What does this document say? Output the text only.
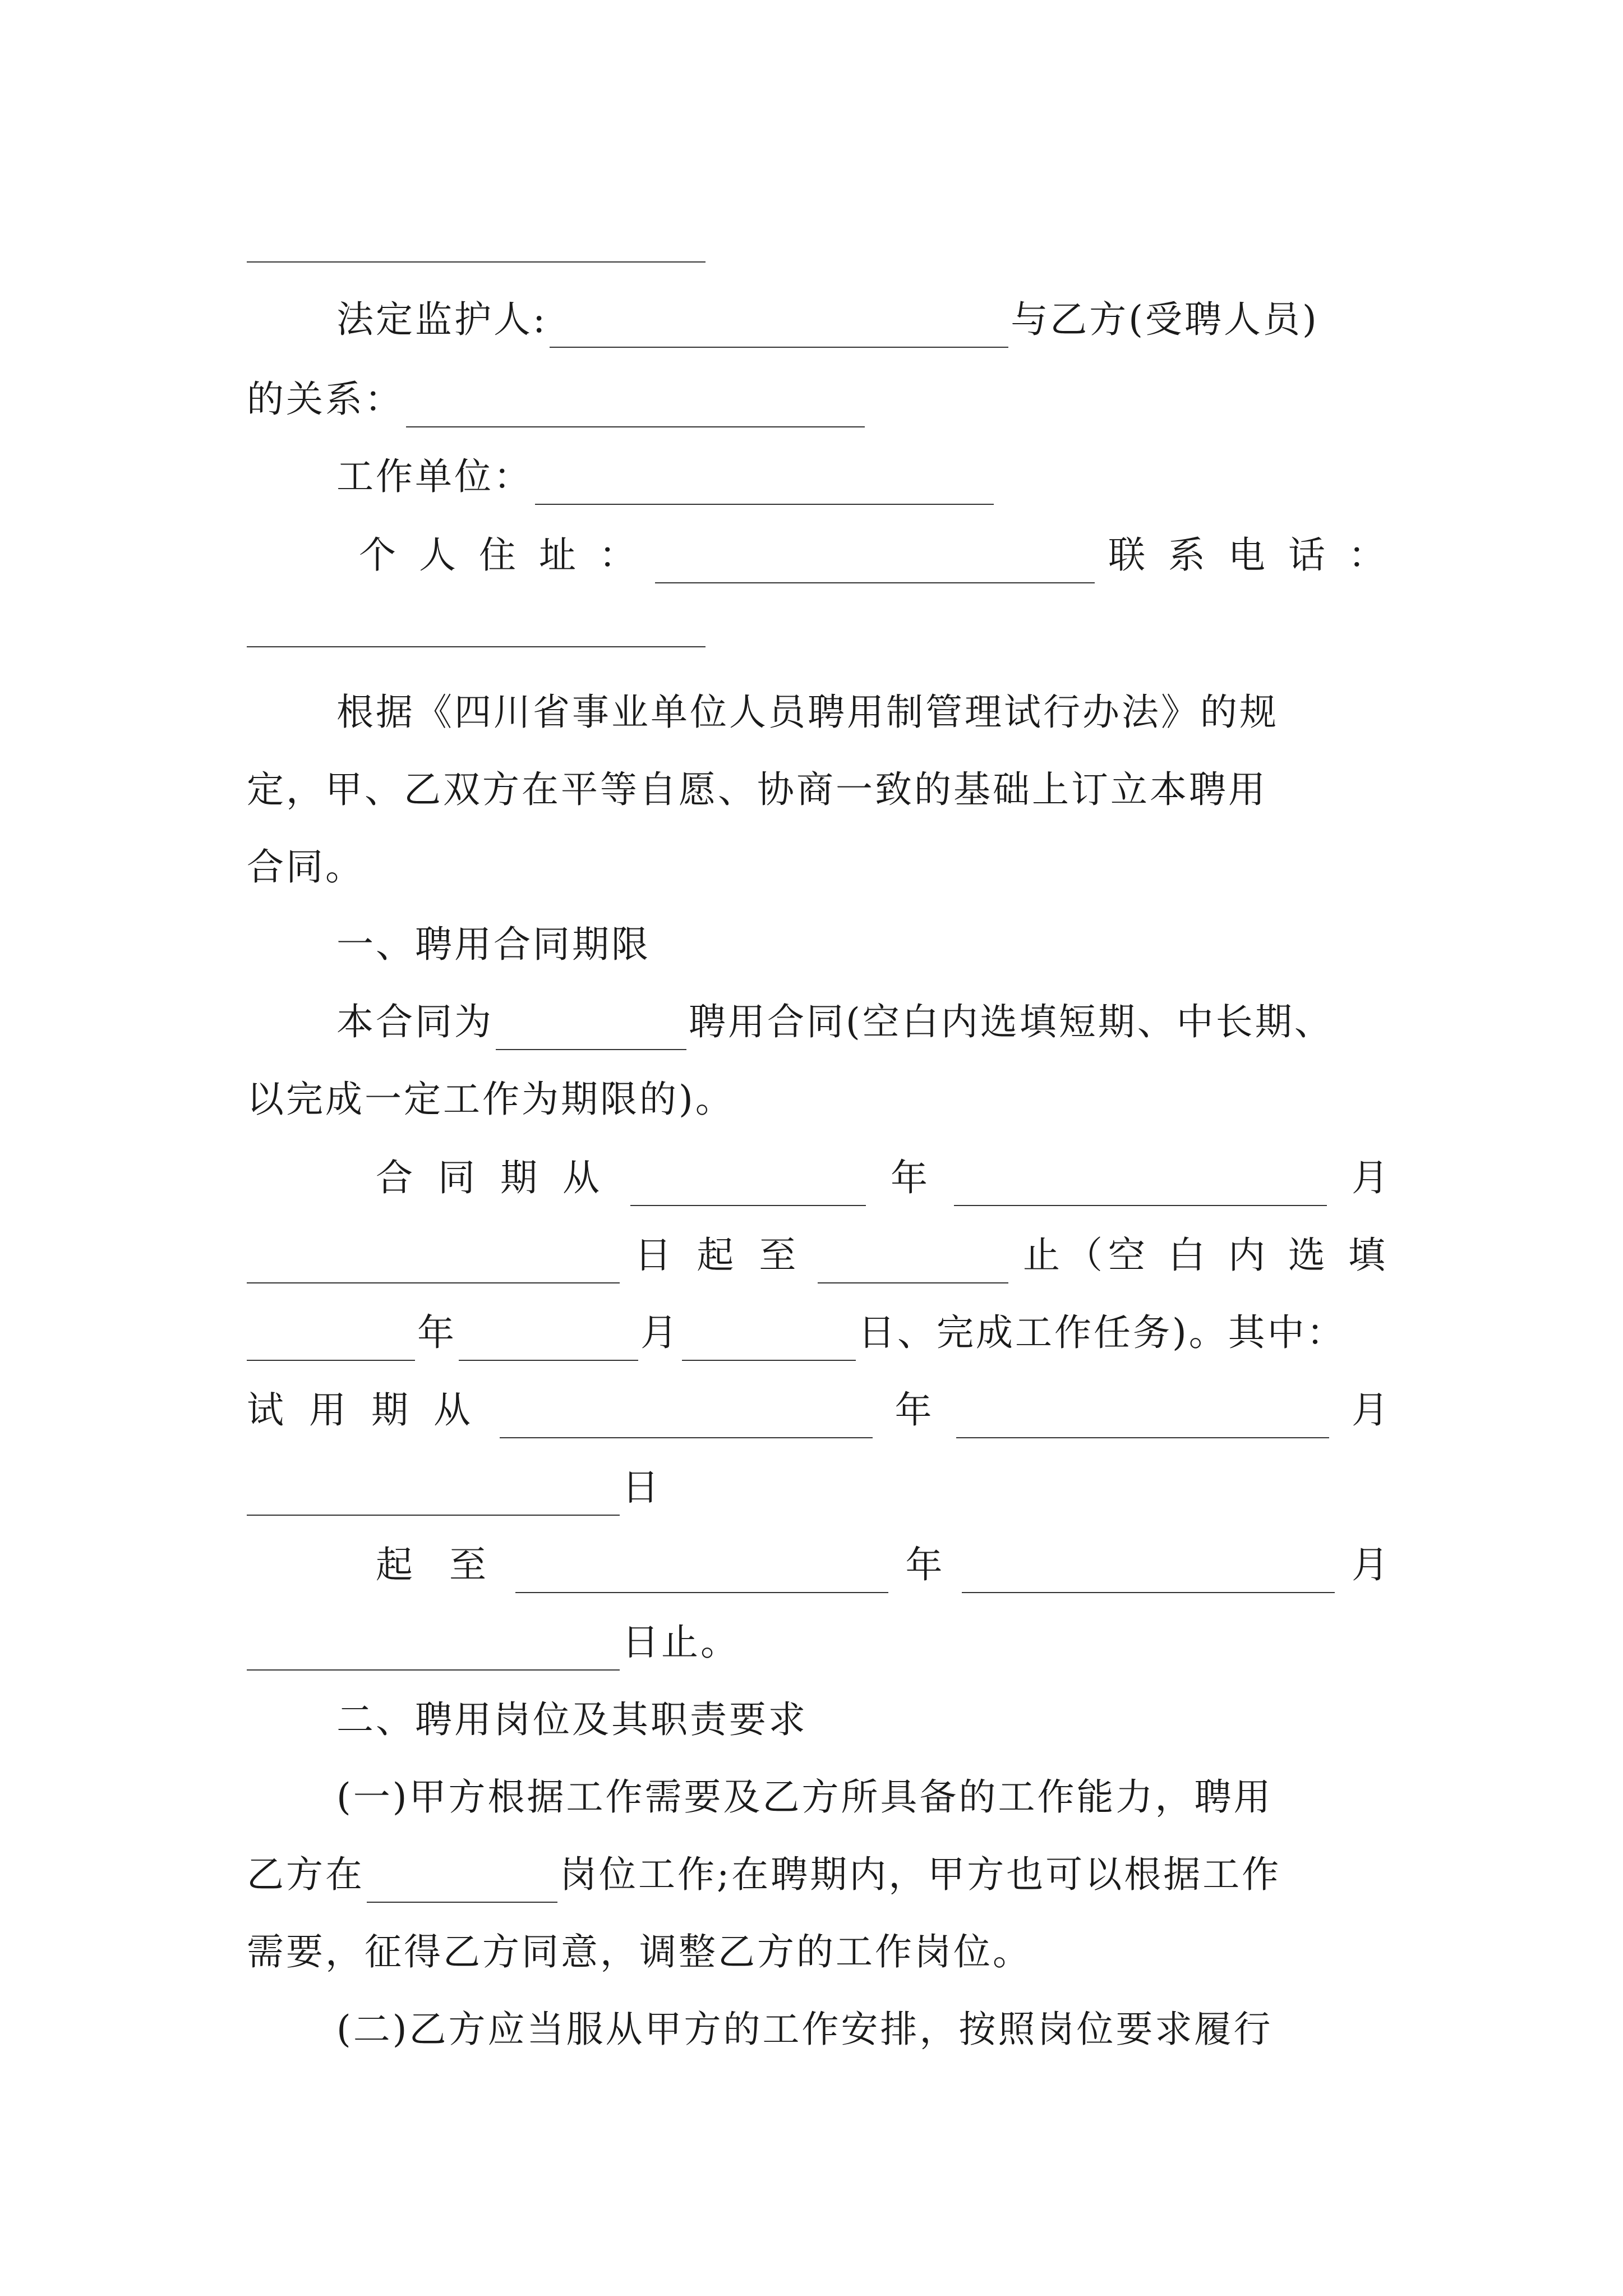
法定监护人:	与乙方(受聘人员)
的关系：
工作单位：
个 人 住 址 ：	联 系 电 话 ：
根据《四川省事业单位人员聘用制管理试行办法》的规
定，甲、乙双方在平等自愿、协商一致的基础上订立本聘用
合同。
一、聘用合同期限
本合同为	聘用合同(空白内选填短期、中长期、
以完成一定工作为期限的)。
合 同 期 从	年	月
日 起 至	止（空 白 内 选 填
年	月	日、完成工作任务)。其中：
试 用 期 从	年	月
日
起 至	年	月
日止。
二、聘用岗位及其职责要求
(一)甲方根据工作需要及乙方所具备的工作能力，聘用
乙方在	岗位工作;在聘期内，甲方也可以根据工作
需要，征得乙方同意，调整乙方的工作岗位。
(二)乙方应当服从甲方的工作安排，按照岗位要求履行
